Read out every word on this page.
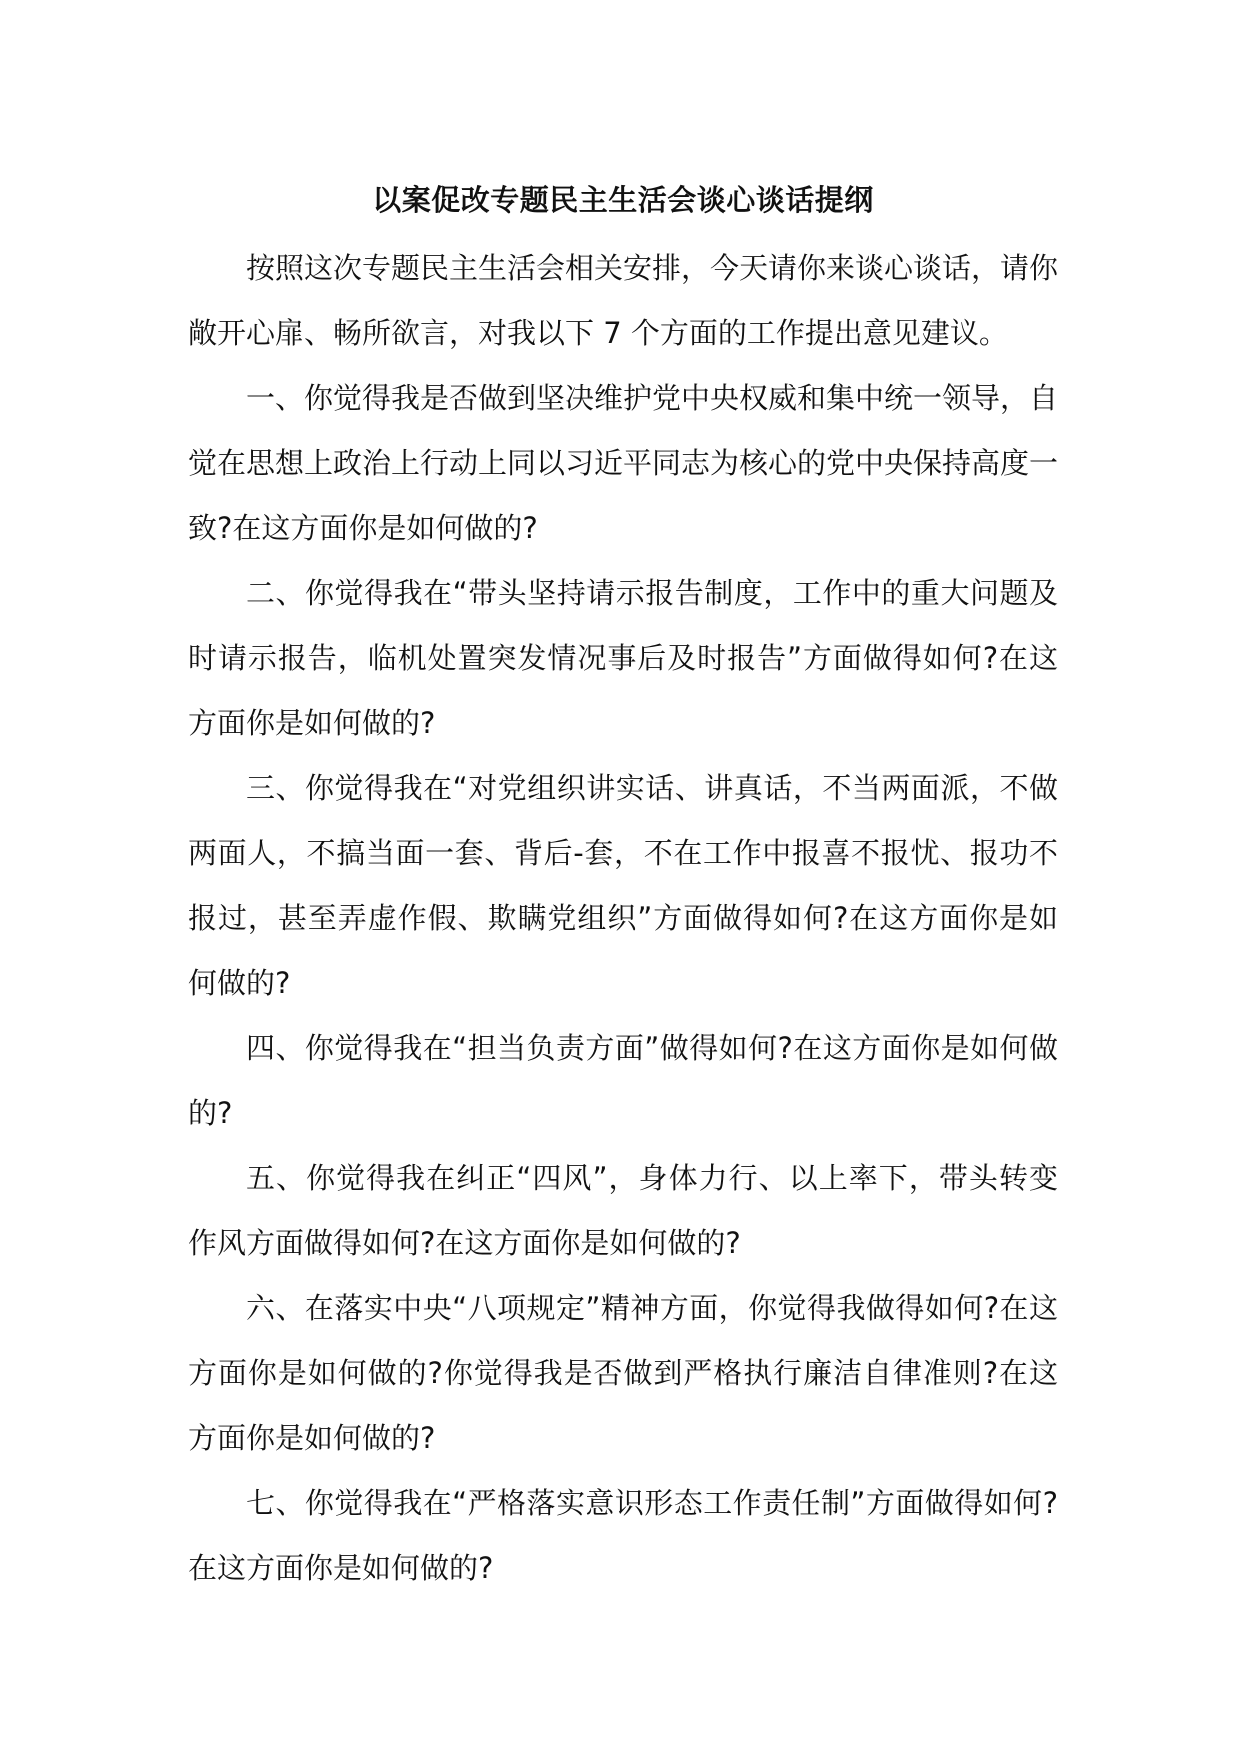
以案促改专题民主生活会谈心谈话提纲

按照这次专题民主生活会相关安排，今天请你来谈心谈话，请你敞开心扉、畅所欲言，对我以下 7 个方面的工作提出意见建议。

一、你觉得我是否做到坚决维护党中央权威和集中统一领导，自觉在思想上政治上行动上同以习近平同志为核心的党中央保持高度一致?在这方面你是如何做的?

二、你觉得我在“带头坚持请示报告制度，工作中的重大问题及时请示报告，临机处置突发情况事后及时报告”方面做得如何?在这方面你是如何做的?

三、你觉得我在“对党组织讲实话、讲真话，不当两面派，不做两面人，不搞当面一套、背后-套，不在工作中报喜不报忧、报功不报过，甚至弄虚作假、欺瞒党组织”方面做得如何?在这方面你是如何做的?

四、你觉得我在“担当负责方面”做得如何?在这方面你是如何做的?

五、你觉得我在纠正“四风”，身体力行、以上率下，带头转变作风方面做得如何?在这方面你是如何做的?

六、在落实中央“八项规定”精神方面，你觉得我做得如何?在这方面你是如何做的?你觉得我是否做到严格执行廉洁自律准则?在这方面你是如何做的?

七、你觉得我在“严格落实意识形态工作责任制”方面做得如何?在这方面你是如何做的?
